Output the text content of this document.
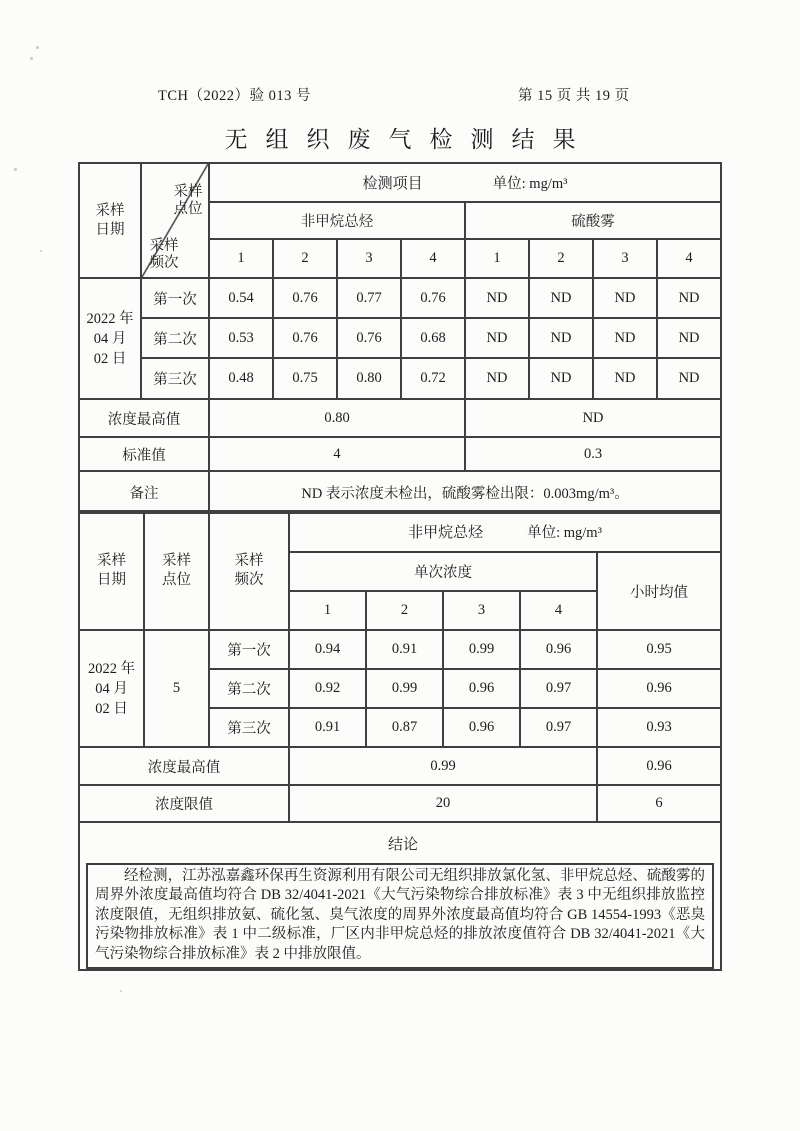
TCH（2022）验 013 号	第 15 页 共 19 页
无组织废气检测结果
采样日期	采样点位
采样频次	检测项目 单位: mg/m³							

		非甲烷总烃				硫酸雾			
		1	2	3	4	1	2	3	4

2022 年
04 月
02 日	第一次	0.54	0.76	0.77	0.76	ND	ND	ND	ND
	第二次	0.53	0.76	0.76	0.68	ND	ND	ND	ND
	第三次	0.48	0.75	0.80	0.72	ND	ND	ND	ND
浓度最高值		0.80				ND			
标准值		4				0.3			
备注		ND 表示浓度未检出，硫酸雾检出限：0.003mg/m³。							
采样日期	采样点位	采样频次	非甲烷总烃 单位: mg/m³				

			单次浓度				小时均值
			1	2	3	4	

2022 年
04 月
02 日	5	第一次	0.94	0.91	0.99	0.96	0.95
		第二次	0.92	0.99	0.96	0.97	0.96
		第三次	0.91	0.87	0.96	0.97	0.93
浓度最高值			0.99				0.96
浓度限值			20				6

结论

经检测，江苏泓嘉鑫环保再生资源利用有限公司无组织排放氯化氢、非甲烷总烃、硫酸雾的周界外浓度最高值均符合 DB 32/4041-2021《大气污染物综合排放标准》表 3 中无组织排放监控浓度限值，无组织排放氨、硫化氢、臭气浓度的周界外浓度最高值均符合 GB 14554-1993《恶臭污染物排放标准》表 1 中二级标准，厂区内非甲烷总烃的排放浓度值符合 DB 32/4041-2021《大气污染物综合排放标准》表 2 中排放限值。							
